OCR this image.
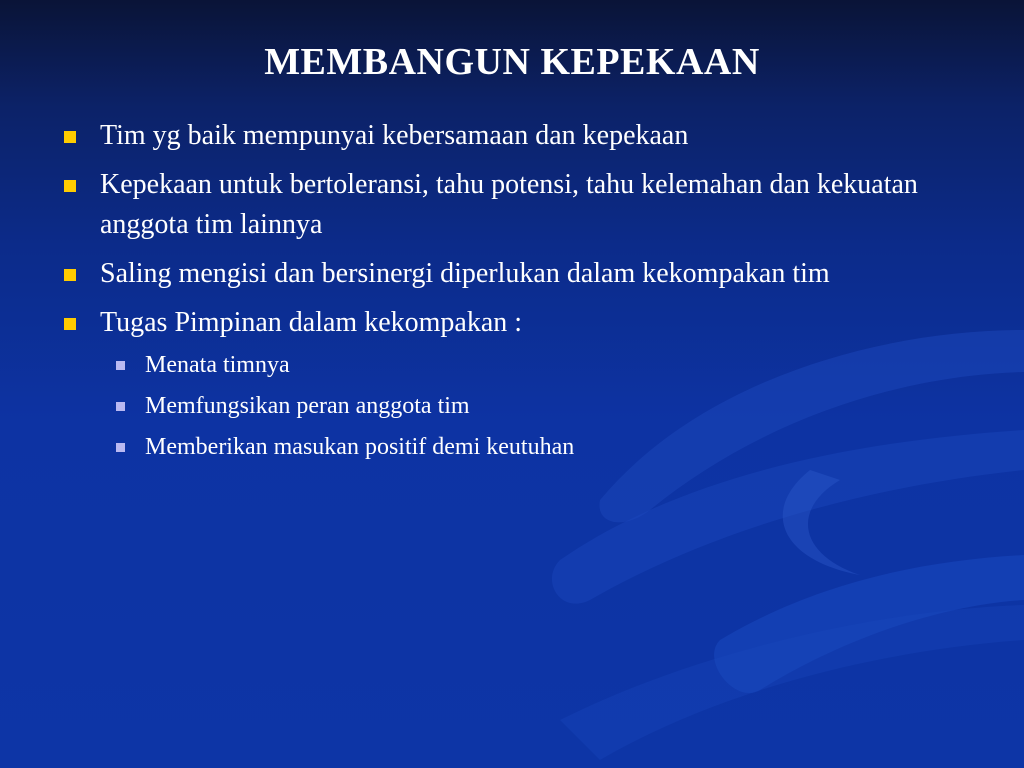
MEMBANGUN KEPEKAAN
Tim yg baik mempunyai kebersamaan dan kepekaan
Kepekaan untuk bertoleransi, tahu potensi, tahu kelemahan dan kekuatan anggota tim lainnya
Saling mengisi dan bersinergi diperlukan dalam kekompakan tim
Tugas Pimpinan dalam kekompakan :
Menata timnya
Memfungsikan peran anggota tim
Memberikan masukan positif demi keutuhan
